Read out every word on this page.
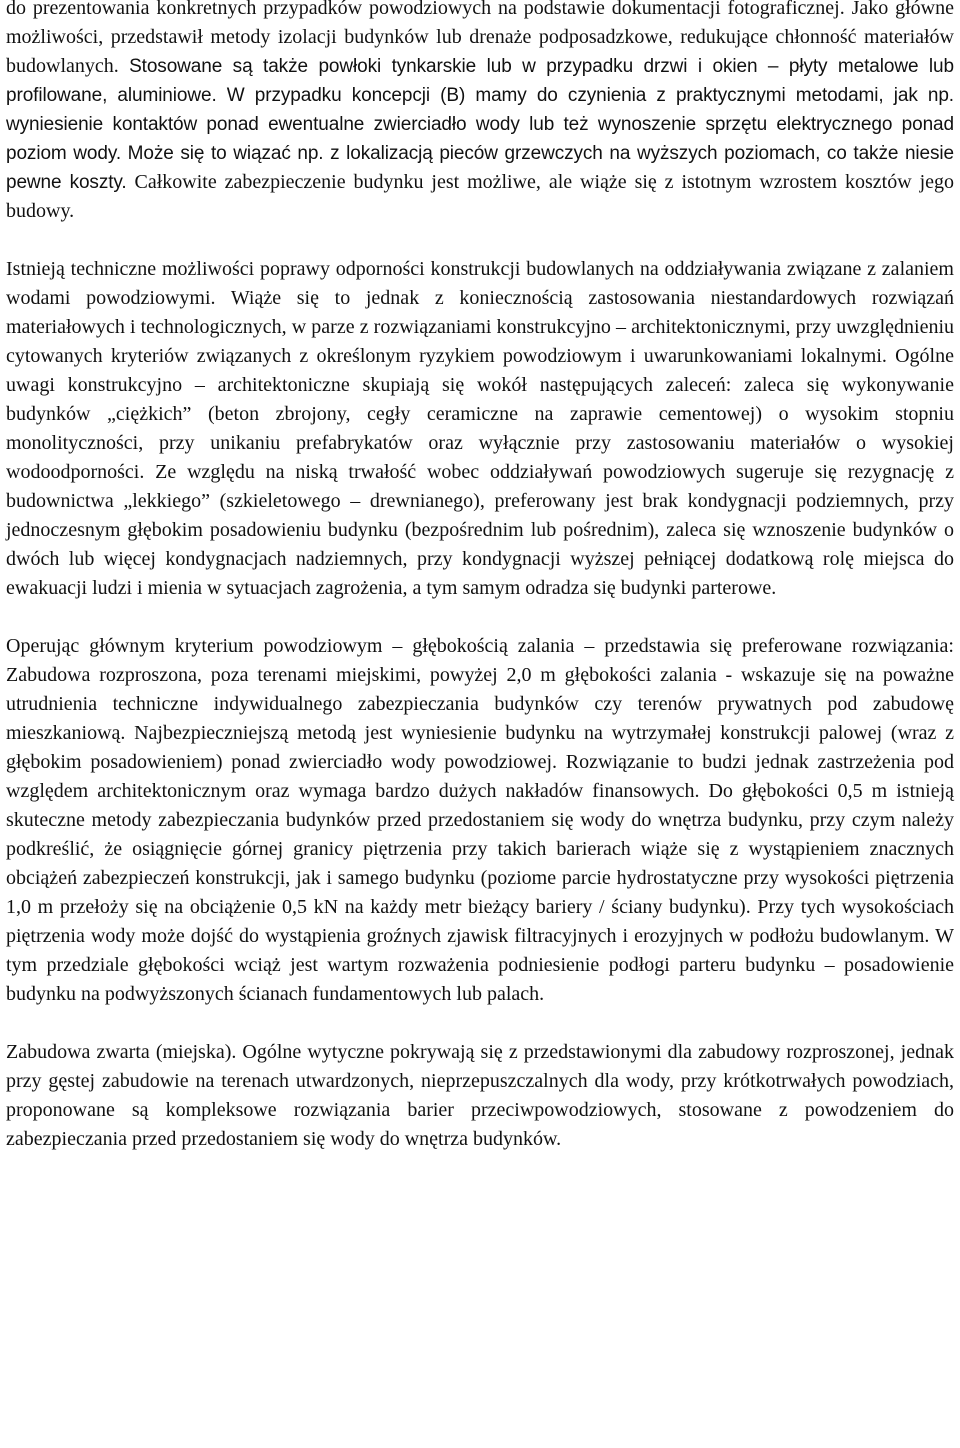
do prezentowania konkretnych przypadków powodziowych na podstawie dokumentacji fotograficznej. Jako główne możliwości, przedstawił metody izolacji budynków lub drenaże podposadzkowe, redukujące chłonność materiałów budowlanych. Stosowane są także powłoki tynkarskie lub w przypadku drzwi i okien – płyty metalowe lub profilowane, aluminiowe. W przypadku koncepcji (B) mamy do czynienia z praktycznymi metodami, jak np. wyniesienie kontaktów ponad ewentualne zwierciadło wody lub też wynoszenie sprzętu elektrycznego ponad poziom wody. Może się to wiązać np. z lokalizacją pieców grzewczych na wyższych poziomach, co także niesie pewne koszty. Całkowite zabezpieczenie budynku jest możliwe, ale wiąże się z istotnym wzrostem kosztów jego budowy.

Istnieją techniczne możliwości poprawy odporności konstrukcji budowlanych na oddziaływania związane z zalaniem wodami powodziowymi. Wiąże się to jednak z koniecznością zastosowania niestandardowych rozwiązań materiałowych i technologicznych, w parze z rozwiązaniami konstrukcyjno – architektonicznymi, przy uwzględnieniu cytowanych kryteriów związanych z określonym ryzykiem powodziowym i uwarunkowaniami lokalnymi. Ogólne uwagi konstrukcyjno – architektoniczne skupiają się wokół następujących zaleceń: zaleca się wykonywanie budynków „ciężkich” (beton zbrojony, cegły ceramiczne na zaprawie cementowej) o wysokim stopniu monolityczności, przy unikaniu prefabrykatów oraz wyłącznie przy zastosowaniu materiałów o wysokiej wodoodporności. Ze względu na niską trwałość wobec oddziaływań powodziowych sugeruje się rezygnację z budownictwa „lekkiego” (szkieletowego – drewnianego), preferowany jest brak kondygnacji podziemnych, przy jednoczesnym głębokim posadowieniu budynku (bezpośrednim lub pośrednim), zaleca się wznoszenie budynków o dwóch lub więcej kondygnacjach nadziemnych, przy kondygnacji wyższej pełniącej dodatkową rolę miejsca do ewakuacji ludzi i mienia w sytuacjach zagrożenia, a tym samym odradza się budynki parterowe.

Operując głównym kryterium powodziowym – głębokością zalania – przedstawia się preferowane rozwiązania: Zabudowa rozproszona, poza terenami miejskimi, powyżej 2,0 m głębokości zalania - wskazuje się na poważne utrudnienia techniczne indywidualnego zabezpieczania budynków czy terenów prywatnych pod zabudowę mieszkaniową. Najbezpieczniejszą metodą jest wyniesienie budynku na wytrzymałej konstrukcji palowej (wraz z głębokim posadowieniem) ponad zwierciadło wody powodziowej. Rozwiązanie to budzi jednak zastrzeżenia pod względem architektonicznym oraz wymaga bardzo dużych nakładów finansowych. Do głębokości 0,5 m istnieją skuteczne metody zabezpieczania budynków przed przedostaniem się wody do wnętrza budynku, przy czym należy podkreślić, że osiągnięcie górnej granicy piętrzenia przy takich barierach wiąże się z wystąpieniem znacznych obciążeń zabezpieczeń konstrukcji, jak i samego budynku (poziome parcie hydrostatyczne przy wysokości piętrzenia 1,0 m przełoży się na obciążenie 0,5 kN na każdy metr bieżący bariery / ściany budynku). Przy tych wysokościach piętrzenia wody może dojść do wystąpienia groźnych zjawisk filtracyjnych i erozyjnych w podłożu budowlanym. W tym przedziale głębokości wciąż jest wartym rozważenia podniesienie podłogi parteru budynku – posadowienie budynku na podwyższonych ścianach fundamentowych lub palach.

Zabudowa zwarta (miejska). Ogólne wytyczne pokrywają się z przedstawionymi dla zabudowy rozproszonej, jednak przy gęstej zabudowie na terenach utwardzonych, nieprzepuszczalnych dla wody, przy krótkotrwałych powodziach, proponowane są kompleksowe rozwiązania barier przeciwpowodziowych, stosowane z powodzeniem do zabezpieczania przed przedostaniem się wody do wnętrza budynków.
